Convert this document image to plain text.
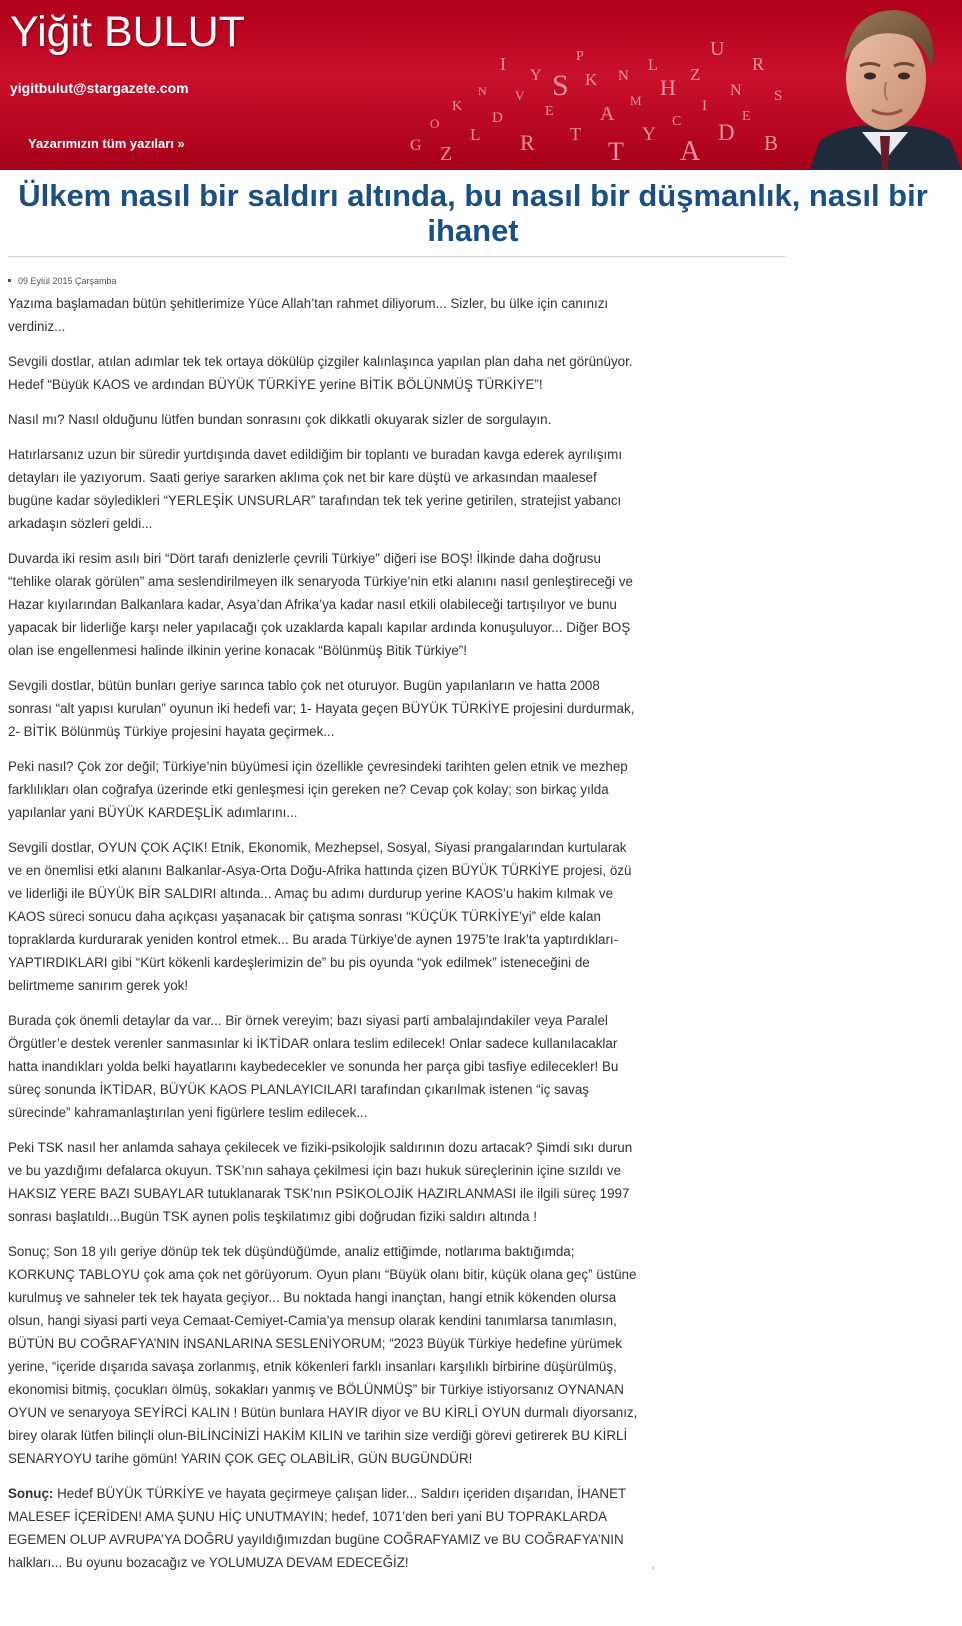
G
O
Z
K
L
N
D
I
V
R
Y
E
S
T
P
K
A
T
N
M
Y
L
H
C
A
Z
I
U
D
N
E
R
B
S
Yiğit BULUT
yigitbulut@stargazete.com
Yazarımızın tüm yazıları »
Ülkem nasıl bir saldırı altında, bu nasıl bir düşmanlık, nasıl bir ihanet
09 Eylül 2015 Çarşamba

Yazıma başlamadan bütün şehitlerimize Yüce Allah’tan rahmet diliyorum... Sizler, bu ülke için canınızı verdiniz...

Sevgili dostlar, atılan adımlar tek tek ortaya dökülüp çizgiler kalınlaşınca yapılan plan daha net görünüyor. Hedef “Büyük KAOS ve ardından BÜYÜK TÜRKİYE yerine BİTİK BÖLÜNMÜŞ TÜRKİYE”!

Nasıl mı? Nasıl olduğunu lütfen bundan sonrasını çok dikkatli okuyarak sizler de sorgulayın.

Hatırlarsanız uzun bir süredir yurtdışında davet edildiğim bir toplantı ve buradan kavga ederek ayrılışımı detayları ile yazıyorum. Saati geriye sararken aklıma çok net bir kare düştü ve arkasından maalesef bugüne kadar söyledikleri “YERLEŞİK UNSURLAR” tarafından tek tek yerine getirilen, stratejist yabancı arkadaşın sözleri geldi...

Duvarda iki resim asılı biri “Dört tarafı denizlerle çevrili Türkiye” diğeri ise BOŞ! İlkinde daha doğrusu “tehlike olarak görülen” ama seslendirilmeyen ilk senaryoda Türkiye’nin etki alanını nasıl genleştireceği ve Hazar kıyılarından Balkanlara kadar, Asya’dan Afrika’ya kadar nasıl etkili olabileceği tartışılıyor ve bunu yapacak bir liderliğe karşı neler yapılacağı çok uzaklarda kapalı kapılar ardında konuşuluyor... Diğer BOŞ olan ise engellenmesi halinde ilkinin yerine konacak “Bölünmüş Bitik Türkiye”!

Sevgili dostlar, bütün bunları geriye sarınca tablo çok net oturuyor. Bugün yapılanların ve hatta 2008 sonrası “alt yapısı kurulan” oyunun iki hedefi var; 1- Hayata geçen BÜYÜK TÜRKİYE projesini durdurmak, 2- BİTİK Bölünmüş Türkiye projesini hayata geçirmek...

Peki nasıl? Çok zor değil; Türkiye’nin büyümesi için özellikle çevresindeki tarihten gelen etnik ve mezhep farklılıkları olan coğrafya üzerinde etki genleşmesi için gereken ne? Cevap çok kolay; son birkaç yılda yapılanlar yani BÜYÜK KARDEŞLİK adımlarını...

Sevgili dostlar, OYUN ÇOK AÇIK! Etnik, Ekonomik, Mezhepsel, Sosyal, Siyasi prangalarından kurtularak ve en önemlisi etki alanını Balkanlar-Asya-Orta Doğu-Afrika hattında çizen BÜYÜK TÜRKİYE projesi, özü ve liderliği ile BÜYÜK BİR SALDIRI altında... Amaç bu adımı durdurup yerine KAOS’u hakim kılmak ve KAOS süreci sonucu daha açıkçası yaşanacak bir çatışma sonrası “KÜÇÜK TÜRKİYE’yi” elde kalan topraklarda kurdurarak yeniden kontrol etmek... Bu arada Türkiye’de aynen 1975’te Irak’ta yaptırdıkları-YAPTIRDIKLARI gibi “Kürt kökenli kardeşlerimizin de” bu pis oyunda “yok edilmek” isteneceğini de belirtmeme sanırım gerek yok!

Burada çok önemli detaylar da var... Bir örnek vereyim; bazı siyasi parti ambalajındakiler veya Paralel Örgütler’e destek verenler sanmasınlar ki İKTİDAR onlara teslim edilecek! Onlar sadece kullanılacaklar hatta inandıkları yolda belki hayatlarını kaybedecekler ve sonunda her parça gibi tasfiye edilecekler! Bu süreç sonunda İKTİDAR, BÜYÜK KAOS PLANLAYICILARI tarafından çıkarılmak istenen “iç savaş sürecinde” kahramanlaştırılan yeni figürlere teslim edilecek...

Peki TSK nasıl her anlamda sahaya çekilecek ve fiziki-psikolojik saldırının dozu artacak? Şimdi sıkı durun ve bu yazdığımı defalarca okuyun. TSK’nın sahaya çekilmesi için bazı hukuk süreçlerinin içine sızıldı ve HAKSIZ YERE BAZI SUBAYLAR tutuklanarak TSK’nın PSİKOLOJİK HAZIRLANMASI ile ilgili süreç 1997 sonrası başlatıldı...Bugün TSK aynen polis teşkilatımız gibi doğrudan fiziki saldırı altında !

Sonuç; Son 18 yılı geriye dönüp tek tek düşündüğümde, analiz ettiğimde, notlarıma baktığımda; KORKUNÇ TABLOYU çok ama çok net görüyorum. Oyun planı “Büyük olanı bitir, küçük olana geç” üstüne kurulmuş ve sahneler tek tek hayata geçiyor... Bu noktada hangi inançtan, hangi etnik kökenden olursa olsun, hangi siyasi parti veya Cemaat-Cemiyet-Camia’ya mensup olarak kendini tanımlarsa tanımlasın, BÜTÜN BU COĞRAFYA’NIN İNSANLARINA SESLENİYORUM; “2023 Büyük Türkiye hedefine yürümek yerine, “içeride dışarıda savaşa zorlanmış, etnik kökenleri farklı insanları karşılıklı birbirine düşürülmüş, ekonomisi bitmiş, çocukları ölmüş, sokakları yanmış ve BÖLÜNMÜŞ” bir Türkiye istiyorsanız OYNANAN OYUN ve senaryoya SEYİRCİ KALIN ! Bütün bunlara HAYIR diyor ve BU KİRLİ OYUN durmalı diyorsanız, birey olarak lütfen bilinçli olun-BİLİNCİNİZİ HAKİM KILIN ve tarihin size verdiği görevi getirerek BU KİRLİ SENARYOYU tarihe gömün! YARIN ÇOK GEÇ OLABİLİR, GÜN BUGÜNDÜR!

Sonuç: Hedef BÜYÜK TÜRKİYE ve hayata geçirmeye çalışan lider... Saldırı içeriden dışarıdan, İHANET MALESEF İÇERİDEN! AMA ŞUNU HİÇ UNUTMAYIN; hedef, 1071’den beri yani BU TOPRAKLARDA EGEMEN OLUP AVRUPA’YA DOĞRU yayıldığımızdan bugüne COĞRAFYAMIZ ve BU COĞRAFYA’NIN halkları... Bu oyunu bozacağız ve YOLUMUZA DEVAM EDECEĞİZ!
